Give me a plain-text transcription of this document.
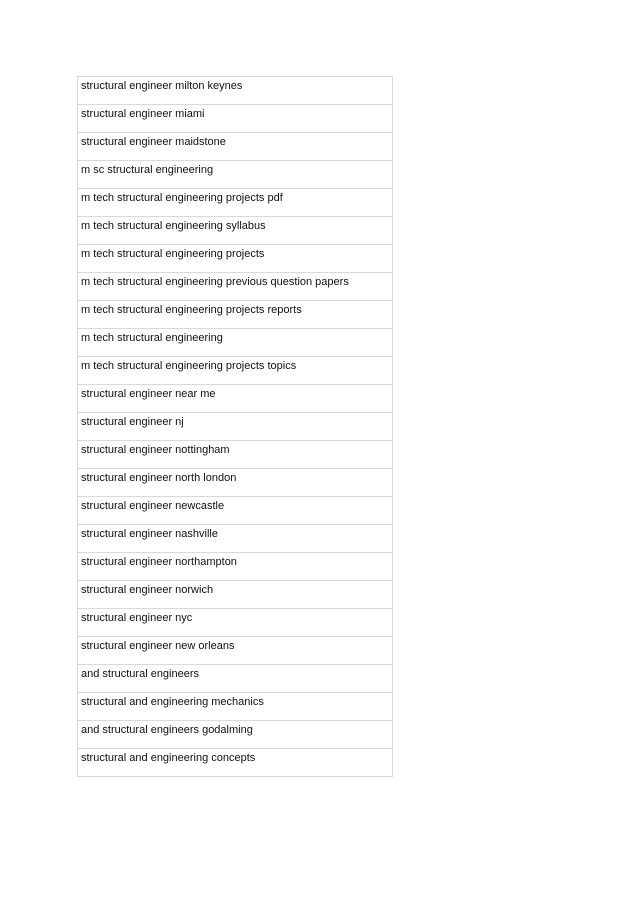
structural engineer milton keynes
structural engineer miami
structural engineer maidstone
m sc structural engineering
m tech structural engineering projects pdf
m tech structural engineering syllabus
m tech structural engineering projects
m tech structural engineering previous question papers
m tech structural engineering projects reports
m tech structural engineering
m tech structural engineering projects topics
structural engineer near me
structural engineer nj
structural engineer nottingham
structural engineer north london
structural engineer newcastle
structural engineer nashville
structural engineer northampton
structural engineer norwich
structural engineer nyc
structural engineer new orleans
and structural engineers
structural and engineering mechanics
and structural engineers godalming
structural and engineering concepts
